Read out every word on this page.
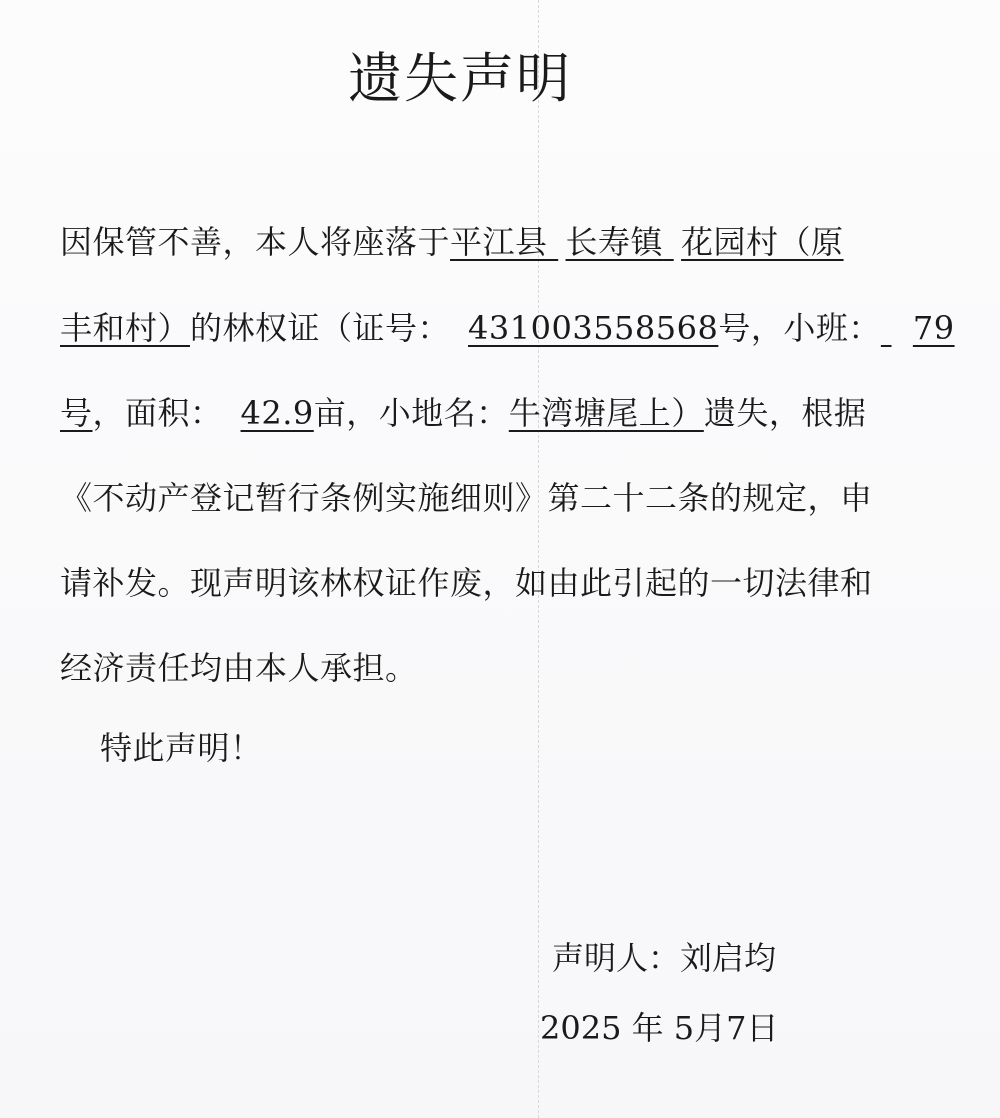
遗失声明
因保管不善，本人将座落于平江县 长寿镇 花园村（原
丰和村）的林权证（证号： 431003558568号，小班： 79
号，面积： 42.9亩，小地名：牛湾塘尾上）遗失，根据
《不动产登记暂行条例实施细则》第二十二条的规定，申
请补发。现声明该林权证作废，如由此引起的一切法律和
经济责任均由本人承担。
特此声明！
声明人：刘启均
2025 年 5月7日
